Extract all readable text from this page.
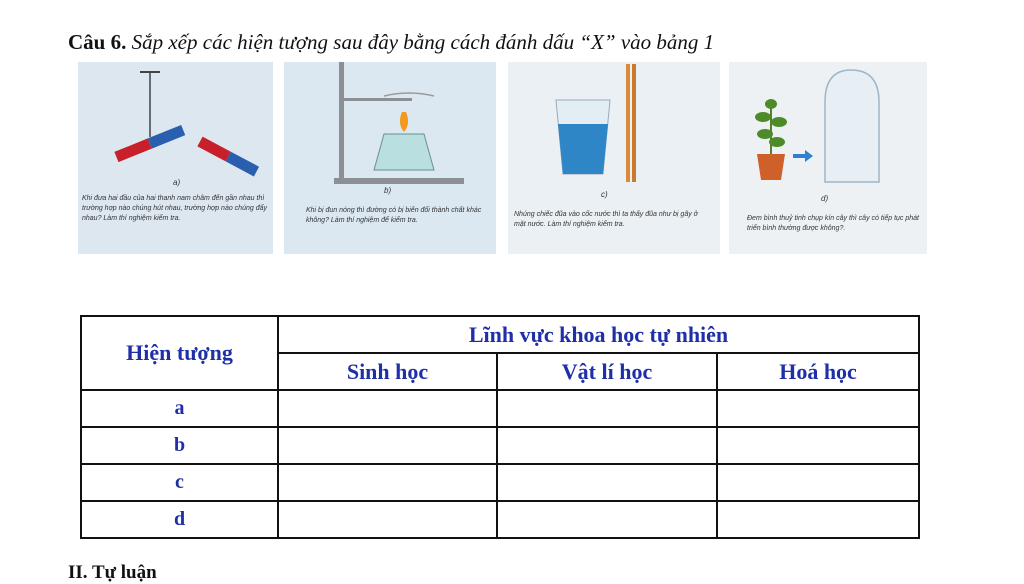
Câu 6. Sắp xếp các hiện tượng sau đây bằng cách đánh dấu “X” vào bảng 1
a)
Khi đưa hai đầu của hai thanh nam châm đến gần nhau thì trường hợp nào chúng hút nhau, trường hợp nào chúng đẩy nhau? Làm thí nghiệm kiểm tra.
b)
Khi bị đun nóng thì đường có bị biến đổi thành chất khác không? Làm thí nghiệm để kiểm tra.
c)
Nhúng chiếc đũa vào cốc nước thì ta thấy đũa như bị gãy ở mặt nước. Làm thí nghiệm kiểm tra.
d)
Đem bình thuỷ tinh chụp kín cây thì cây có tiếp tục phát triển bình thường được không?.
Hiện tượng	Lĩnh vực khoa học tự nhiên		
	Sinh học	Vật lí học	Hoá học
a			
b			
c			
d			
II. Tự luận
